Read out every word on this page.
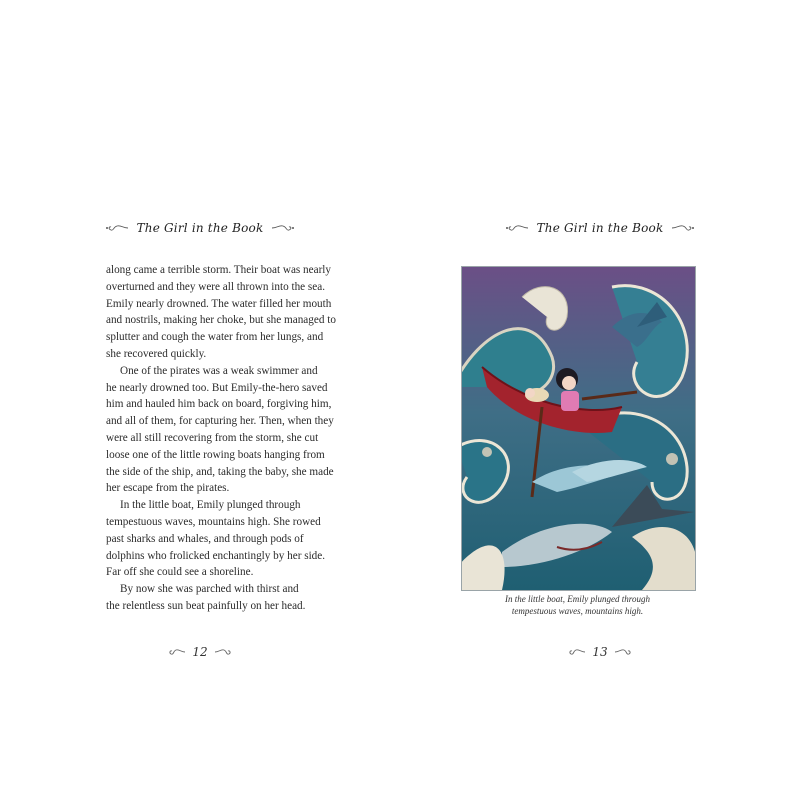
The Girl in the Book
along came a terrible storm. Their boat was nearly
overturned and they were all thrown into the sea.
Emily nearly drowned. The water filled her mouth
and nostrils, making her choke, but she managed to
splutter and cough the water from her lungs, and
she recovered quickly.
One of the pirates was a weak swimmer and
he nearly drowned too. But Emily-the-hero saved
him and hauled him back on board, forgiving him,
and all of them, for capturing her. Then, when they
were all still recovering from the storm, she cut
loose one of the little rowing boats hanging from
the side of the ship, and, taking the baby, she made
her escape from the pirates.
In the little boat, Emily plunged through
tempestuous waves, mountains high. She rowed
past sharks and whales, and through pods of
dolphins who frolicked enchantingly by her side.
Far off she could see a shoreline.
By now she was parched with thirst and
the relentless sun beat painfully on her head.
12
The Girl in the Book
In the little boat, Emily plunged through
tempestuous waves, mountains high.
13
